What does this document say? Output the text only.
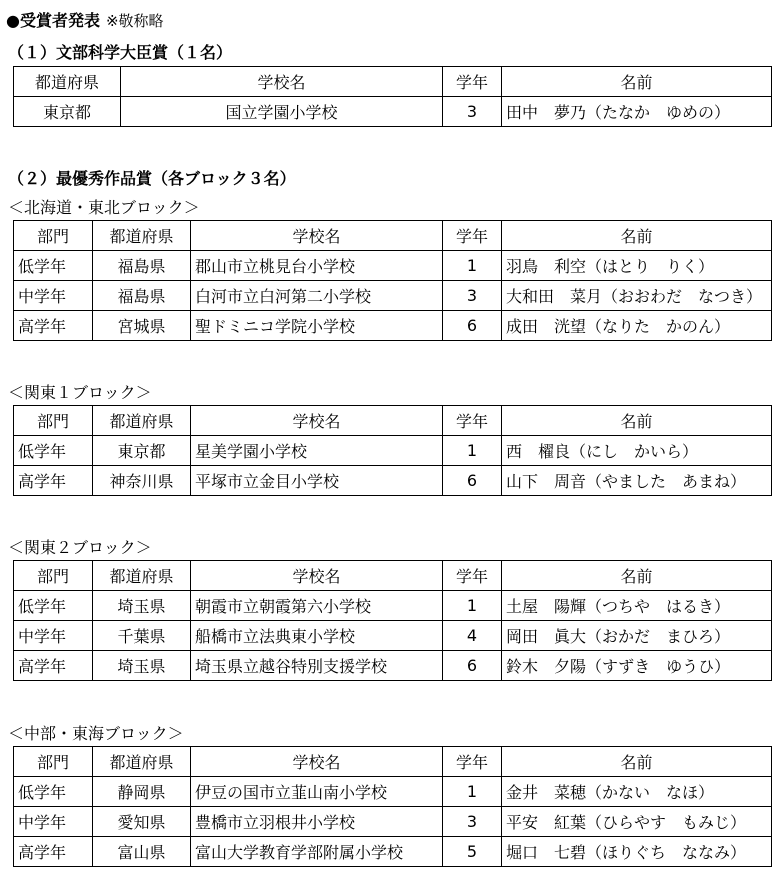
●受賞者発表 ※敬称略
（１）文部科学大臣賞（１名）
都道府県	学校名	学年	名前
東京都	国立学園小学校	3	田中　夢乃（たなか　ゆめの）
（２）最優秀作品賞（各ブロック３名）
＜北海道・東北ブロック＞
部門	都道府県	学校名	学年	名前
低学年	福島県	郡山市立桃見台小学校	1	羽鳥　利空（はとり　りく）
中学年	福島県	白河市立白河第二小学校	3	大和田　菜月（おおわだ　なつき）
高学年	宮城県	聖ドミニコ学院小学校	6	成田　洸望（なりた　かのん）
＜関東１ブロック＞
部門	都道府県	学校名	学年	名前
低学年	東京都	星美学園小学校	1	西　櫂良（にし　かいら）
高学年	神奈川県	平塚市立金目小学校	6	山下　周音（やました　あまね）
＜関東２ブロック＞
部門	都道府県	学校名	学年	名前
低学年	埼玉県	朝霞市立朝霞第六小学校	1	土屋　陽輝（つちや　はるき）
中学年	千葉県	船橋市立法典東小学校	4	岡田　眞大（おかだ　まひろ）
高学年	埼玉県	埼玉県立越谷特別支援学校	6	鈴木　夕陽（すずき　ゆうひ）
＜中部・東海ブロック＞
部門	都道府県	学校名	学年	名前
低学年	静岡県	伊豆の国市立韮山南小学校	1	金井　菜穂（かない　なほ）
中学年	愛知県	豊橋市立羽根井小学校	3	平安　紅葉（ひらやす　もみじ）
高学年	富山県	富山大学教育学部附属小学校	5	堀口　七碧（ほりぐち　ななみ）
